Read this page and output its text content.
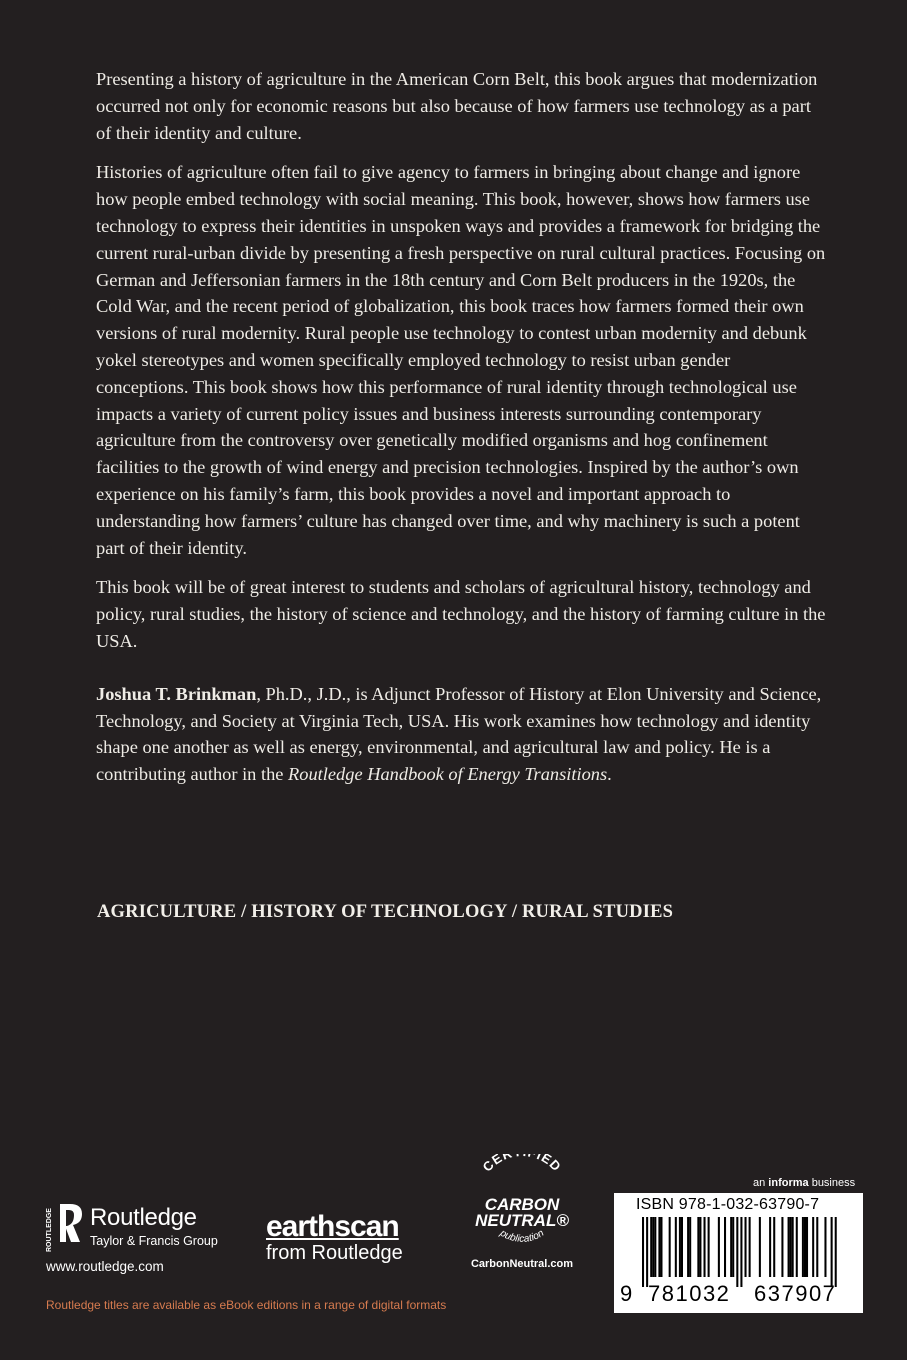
Presenting a history of agriculture in the American Corn Belt, this book argues that modernization occurred not only for economic reasons but also because of how farmers use technology as a part of their identity and culture.

Histories of agriculture often fail to give agency to farmers in bringing about change and ignore how people embed technology with social meaning. This book, however, shows how farmers use technology to express their identities in unspoken ways and provides a framework for bridging the current rural-urban divide by presenting a fresh perspective on rural cultural practices. Focusing on German and Jeffersonian farmers in the 18th century and Corn Belt producers in the 1920s, the Cold War, and the recent period of globalization, this book traces how farmers formed their own versions of rural modernity. Rural people use technology to contest urban modernity and debunk yokel stereotypes and women specifically employed technology to resist urban gender conceptions. This book shows how this performance of rural identity through technological use impacts a variety of current policy issues and business interests surrounding contemporary agriculture from the controversy over genetically modified organisms and hog confinement facilities to the growth of wind energy and precision technologies. Inspired by the author’s own experience on his family’s farm, this book provides a novel and important approach to understanding how farmers’ culture has changed over time, and why machinery is such a potent part of their identity.

This book will be of great interest to students and scholars of agricultural history, technology and policy, rural studies, the history of science and technology, and the history of farming culture in the USA.

Joshua T. Brinkman, Ph.D., J.D., is Adjunct Professor of History at Elon University and Science, Technology, and Society at Virginia Tech, USA. His work examines how technology and identity shape one another as well as energy, environmental, and agricultural law and policy. He is a contributing author in the Routledge Handbook of Energy Transitions.

AGRICULTURE / HISTORY OF TECHNOLOGY / RURAL STUDIES
ROUTLEDGE Routledge
Taylor & Francis Group
www.routledge.com
earthscan
from Routledge
CE IED
CARBON
NEUTRAL®
publication
CarbonNeutral.com
an informa business
ISBN 978-1-032-63790-7
9 781032 637907
Routledge titles are available as eBook editions in a range of digital formats
